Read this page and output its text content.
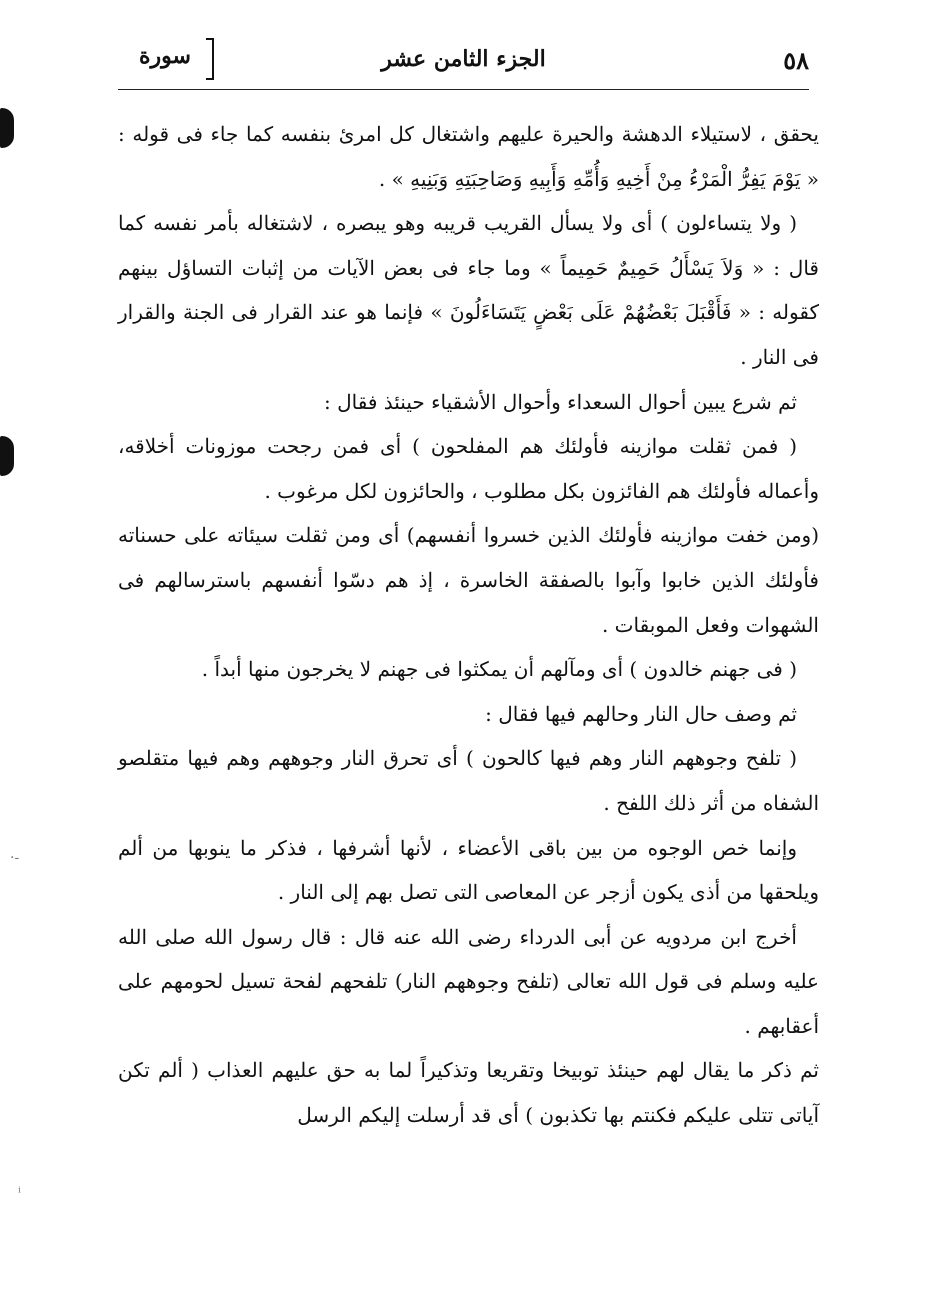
·-
ⁱ
٥٨
الجزء الثامن عشر
سورة

يحقق ، لاستيلاء الدهشة والحيرة عليهم واشتغال كل امرئ بنفسه كما جاء فى قوله : « يَوْمَ يَفِرُّ الْمَرْءُ مِنْ أَخِيهِ وَأُمِّهِ وَأَبِيهِ وَصَاحِبَتِهِ وَبَنِيهِ » .

( ولا يتساءلون ) أى ولا يسأل القريب قريبه وهو يبصره ، لاشتغاله بأمر نفسه كما قال : « وَلاَ يَسْأَلُ حَمِيمٌ حَمِيماً » وما جاء فى بعض الآيات من إثبات التساؤل بينهم كقوله : « فَأَقْبَلَ بَعْضُهُمْ عَلَى بَعْضٍ يَتَسَاءَلُونَ » فإنما هو عند القرار فى الجنة والقرار فى النار .

ثم شرع يبين أحوال السعداء وأحوال الأشقياء حينئذ فقال :

( فمن ثقلت موازينه فأولئك هم المفلحون ) أى فمن رجحت موزونات أخلاقه، وأعماله فأولئك هم الفائزون بكل مطلوب ، والحائزون لكل مرغوب .

(ومن خفت موازينه فأولئك الذين خسروا أنفسهم) أى ومن ثقلت سيئاته على حسناته فأولئك الذين خابوا وآبوا بالصفقة الخاسرة ، إذ هم دسّوا أنفسهم باسترسالهم فى الشهوات وفعل الموبقات .

( فى جهنم خالدون ) أى ومآلهم أن يمكثوا فى جهنم لا يخرجون منها أبداً .

ثم وصف حال النار وحالهم فيها فقال :

( تلفح وجوههم النار وهم فيها كالحون ) أى تحرق النار وجوههم وهم فيها متقلصو الشفاه من أثر ذلك اللفح .

وإنما خص الوجوه من بين باقى الأعضاء ، لأنها أشرفها ، فذكر ما ينوبها من ألم ويلحقها من أذى يكون أزجر عن المعاصى التى تصل بهم إلى النار .

أخرج ابن مردويه عن أبى الدرداء رضى الله عنه قال : قال رسول الله صلى الله عليه وسلم فى قول الله تعالى (تلفح وجوههم النار) تلفحهم لفحة تسيل لحومهم على أعقابهم .

ثم ذكر ما يقال لهم حينئذ توبيخا وتقريعا وتذكيراً لما به حق عليهم العذاب ( ألم تكن آياتى تتلى عليكم فكنتم بها تكذبون ) أى قد أرسلت إليكم الرسل
